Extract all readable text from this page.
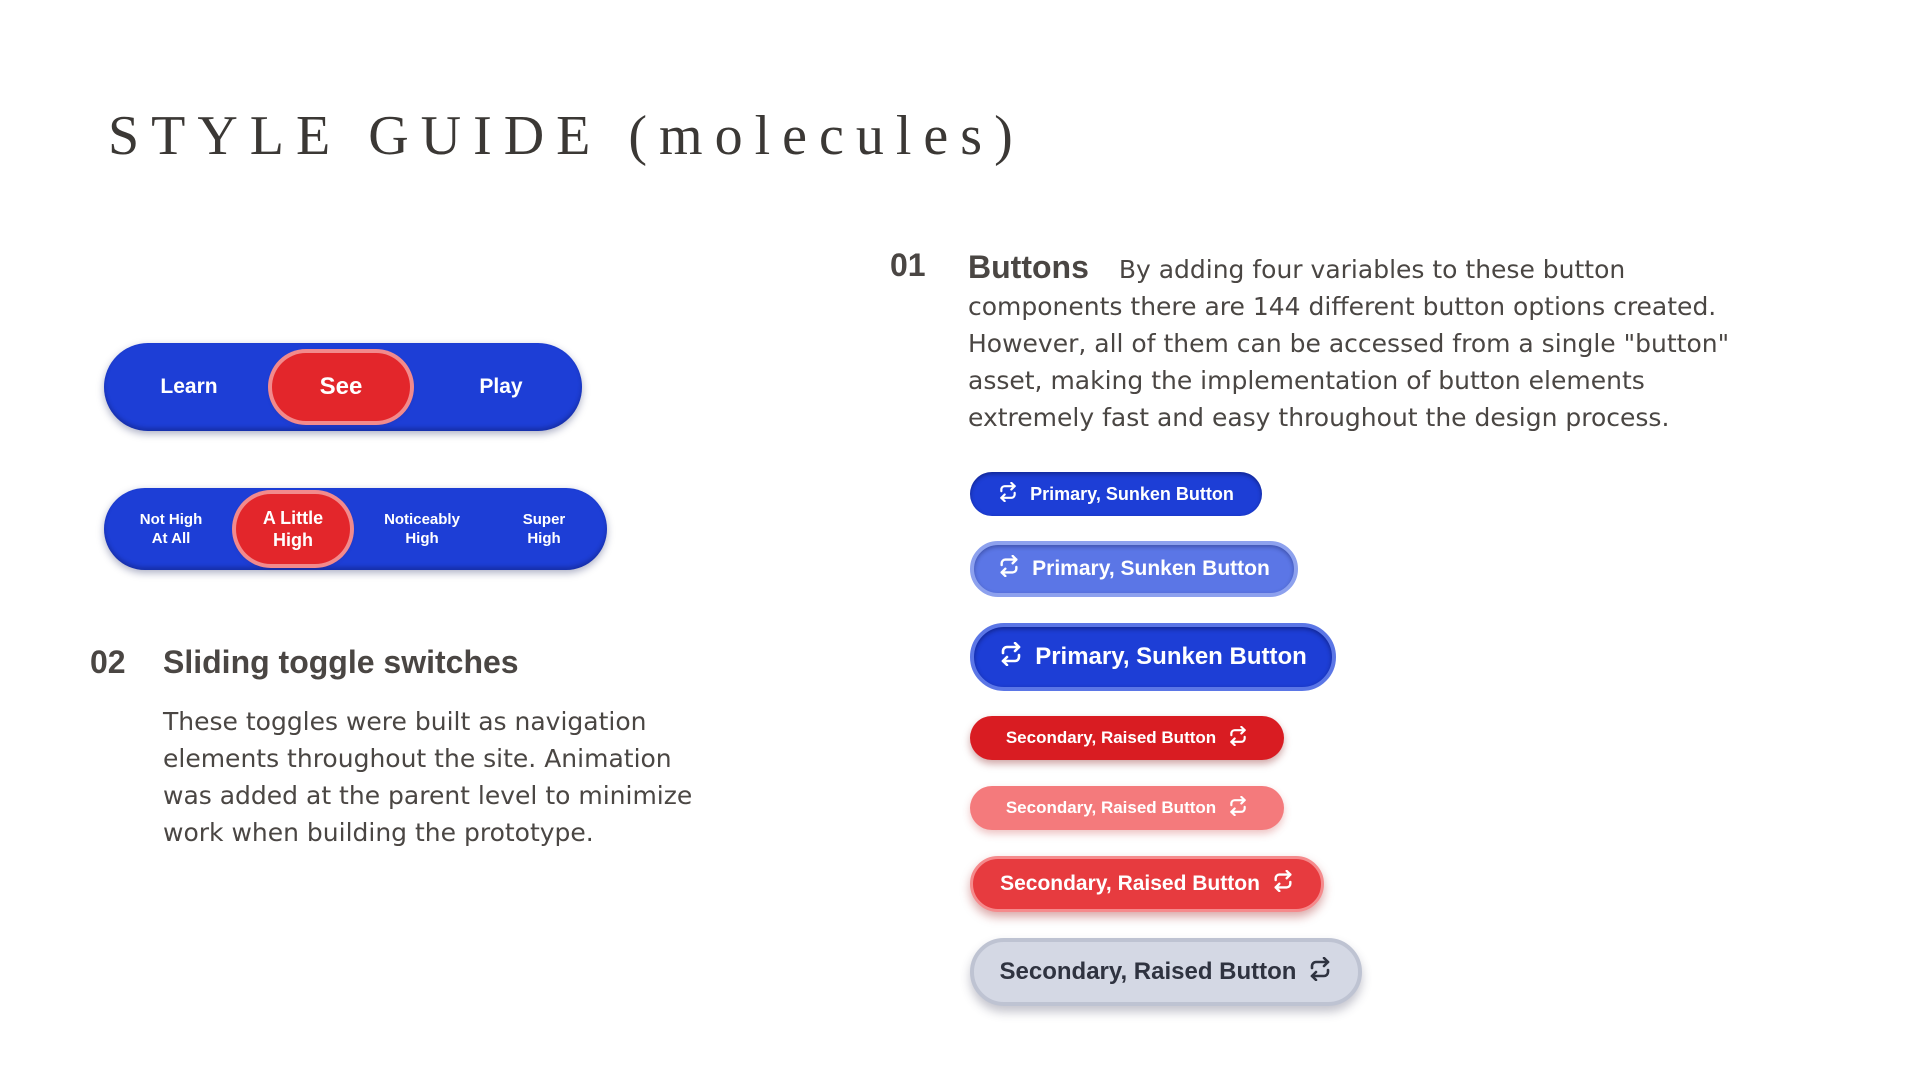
STYLE GUIDE (molecules)
Learn	See	Play
Not High
At All
A Little
High
Noticeably
High
Super
High
02 Sliding toggle switches

These toggles were built as navigation elements throughout the site. Animation was added at the parent level to minimize work when building the prototype.

01 Buttons By adding four variables to these button components there are 144 different button options created. However, all of them can be accessed from a single "button" asset, making the implementation of button elements extremely fast and easy throughout the design process.

Primary, Sunken Button
Primary, Sunken Button
Primary, Sunken Button
Secondary, Raised Button
Secondary, Raised Button
Secondary, Raised Button
Secondary, Raised Button
